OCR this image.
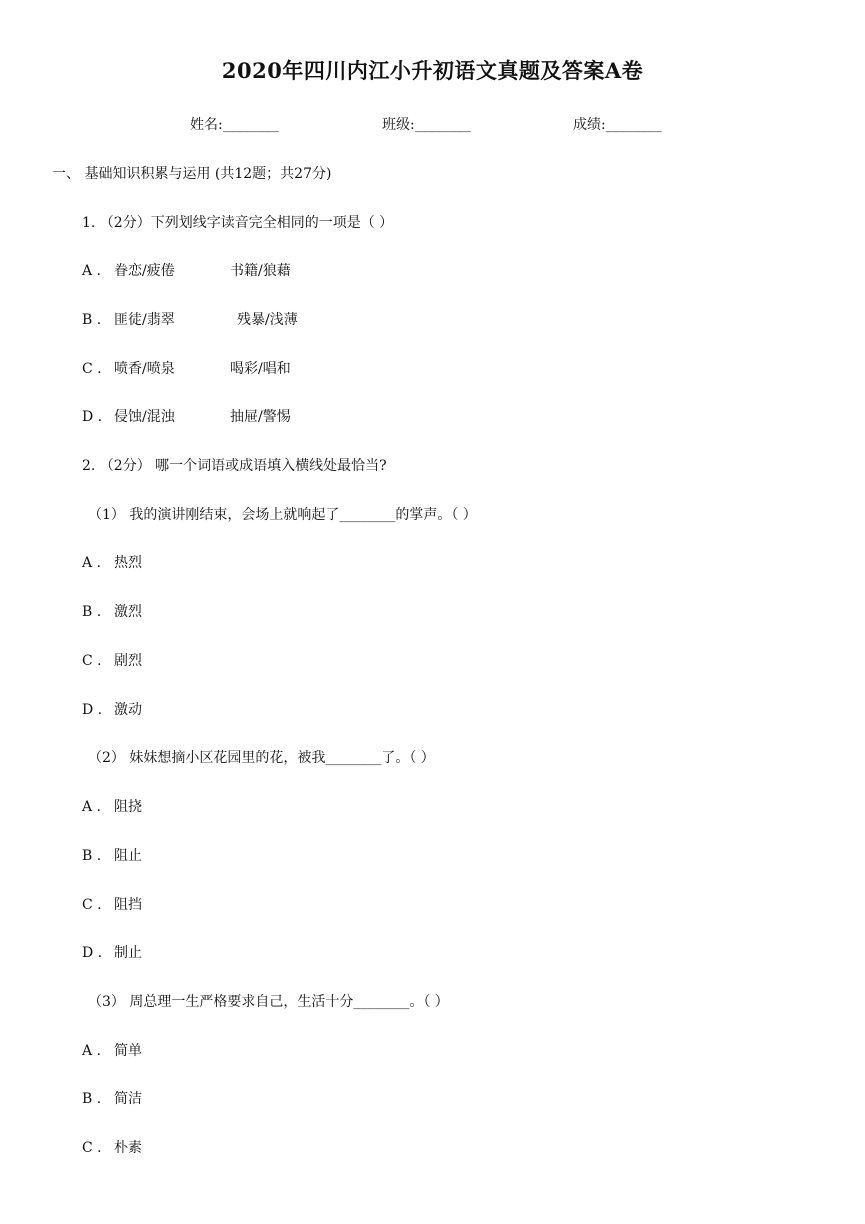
2020年四川内江小升初语文真题及答案A卷
姓名:________	班级:________	成绩:________
一、 基础知识积累与运用 (共12题；共27分)
1. （2分）下列划线字读音完全相同的一项是（ ）
A . 眷恋/疲倦	书籍/狼藉
B . 匪徒/翡翠	残暴/浅薄
C . 喷香/喷泉	喝彩/唱和
D . 侵蚀/混浊	抽屉/警惕
2. （2分） 哪一个词语或成语填入横线处最恰当?
（1） 我的演讲刚结束，会场上就响起了________的掌声。（ ）
A . 热烈
B . 激烈
C . 剧烈
D . 激动
（2） 妹妹想摘小区花园里的花，被我________了。（ ）
A . 阻挠
B . 阻止
C . 阻挡
D . 制止
（3） 周总理一生严格要求自己，生活十分________。（ ）
A . 简单
B . 简洁
C . 朴素
